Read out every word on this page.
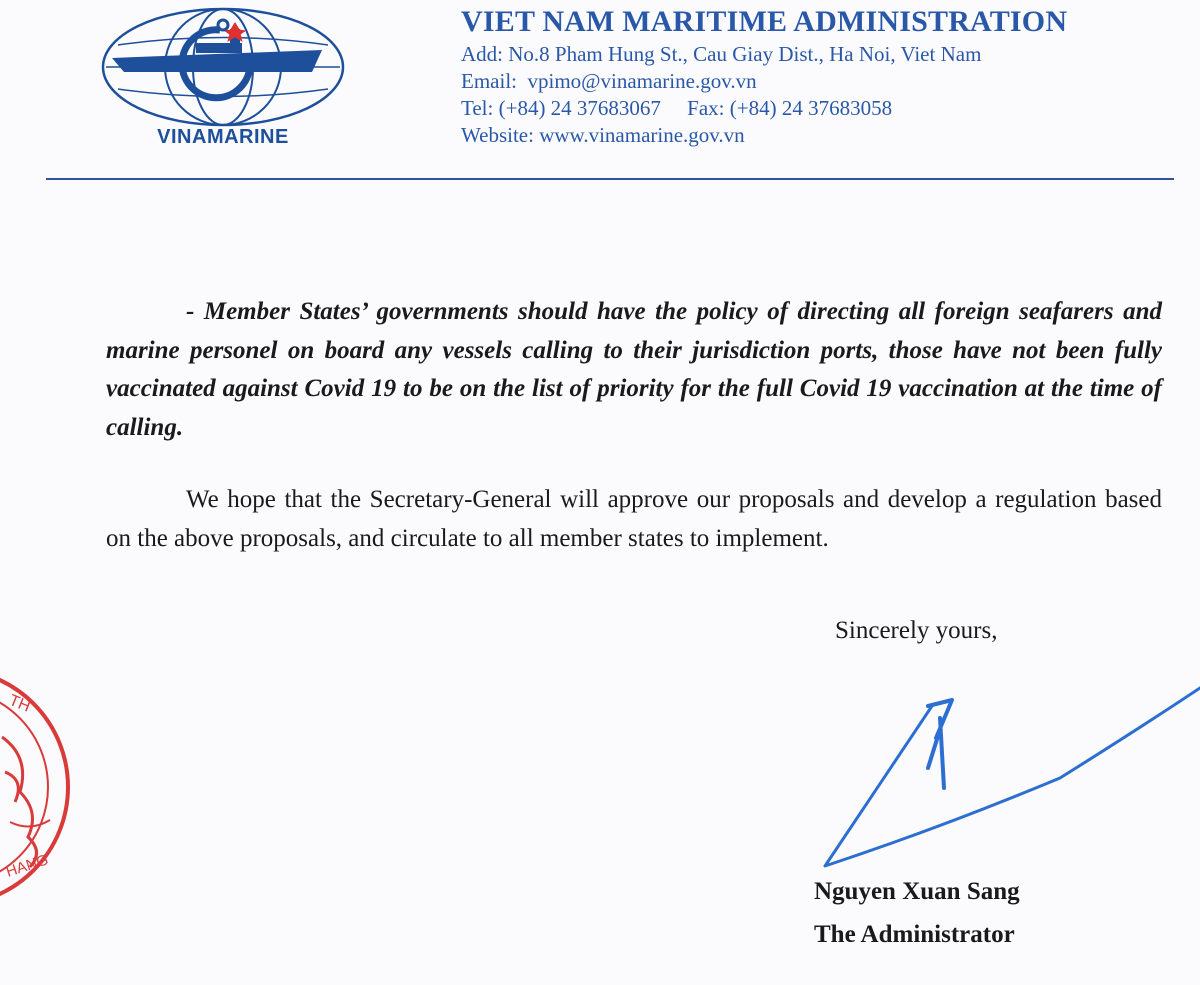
VINAMARINE
VIET NAM MARITIME ADMINISTRATION
Add: No.8 Pham Hung St., Cau Giay Dist., Ha Noi, Viet Nam
Email:  vpimo@vinamarine.gov.vn
Tel: (+84) 24 37683067     Fax: (+84) 24 37683058
Website: www.vinamarine.gov.vn
- Member States’ governments should have the policy of directing all foreign seafarers and marine personel on board any vessels calling to their jurisdiction ports, those have not been fully vaccinated against Covid 19 to be on the list of priority for the full Covid 19 vaccination at the time of calling.
We hope that the Secretary-General will approve our proposals and develop a regulation based on the above proposals, and circulate to all member states to implement.
Sincerely yours,
TH
HANG
Nguyen Xuan Sang
The Administrator
